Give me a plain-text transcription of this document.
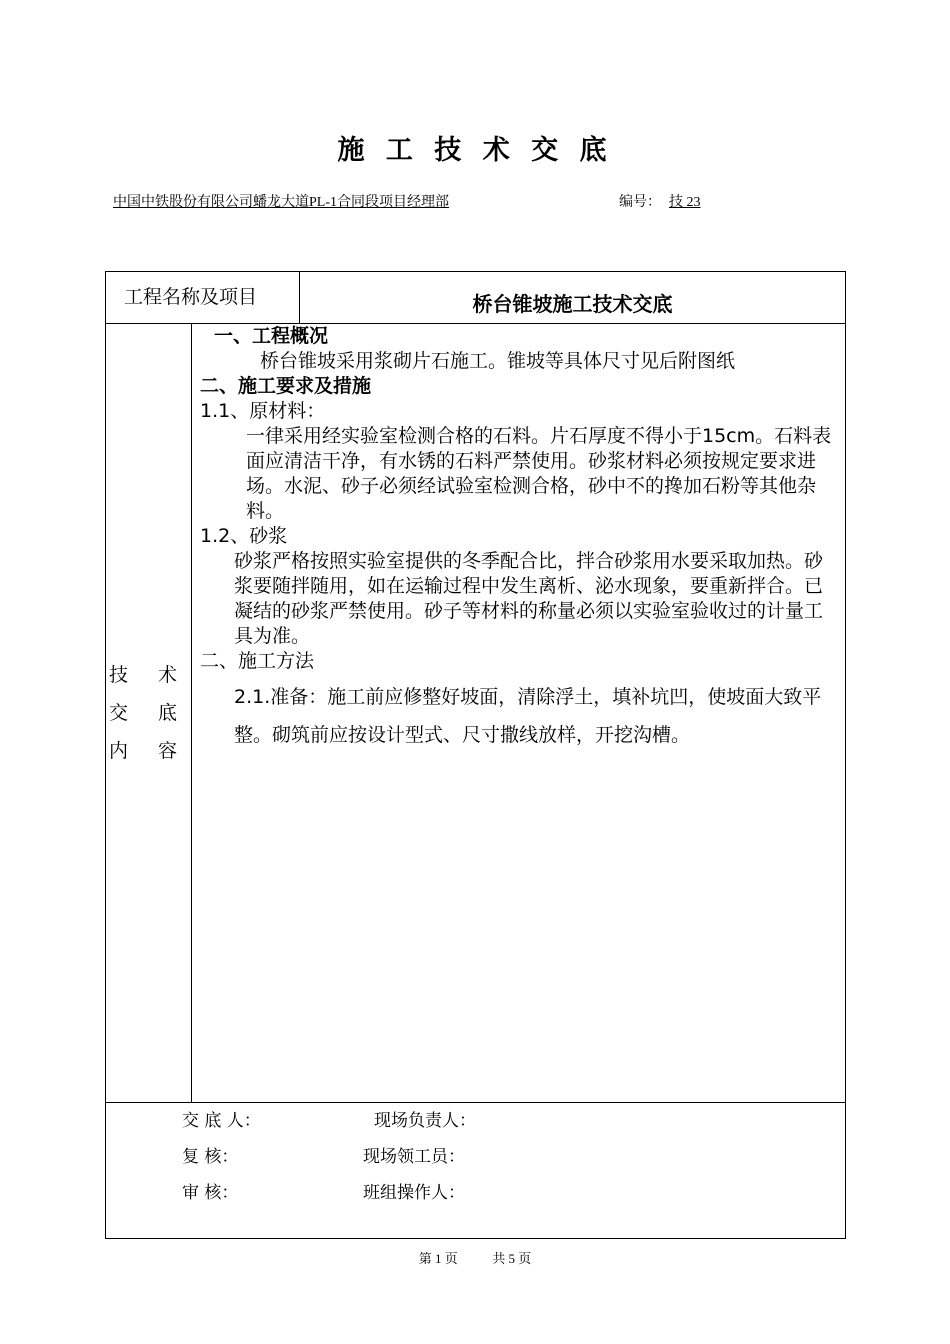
施 工 技 术 交 底
中国中铁股份有限公司蟠龙大道PL-1合同段项目经理部	编号： 技 23
工程名称及项目	桥台锥坡施工技术交底
技 术
交 底
内 容

一、工程概况

桥台锥坡采用浆砌片石施工。锥坡等具体尺寸见后附图纸

二、施工要求及措施

1.1、原材料：

一律采用经实验室检测合格的石料。片石厚度不得小于15cm。石料表面应清洁干净，有水锈的石料严禁使用。砂浆材料必须按规定要求进场。水泥、砂子必须经试验室检测合格，砂中不的搀加石粉等其他杂料。

1.2、砂浆

砂浆严格按照实验室提供的冬季配合比，拌合砂浆用水要采取加热。砂浆要随拌随用，如在运输过程中发生离析、泌水现象，要重新拌合。已凝结的砂浆严禁使用。砂子等材料的称量必须以实验室验收过的计量工具为准。

二、施工方法

2.1.准备：施工前应修整好坡面，清除浮土，填补坑凹，使坡面大致平整。砌筑前应按设计型式、尺寸撒线放样，开挖沟槽。

交 底 人：	现场负责人：
复 核：	现场领工员：
审 核：	班组操作人：
第 1 页	共 5 页
